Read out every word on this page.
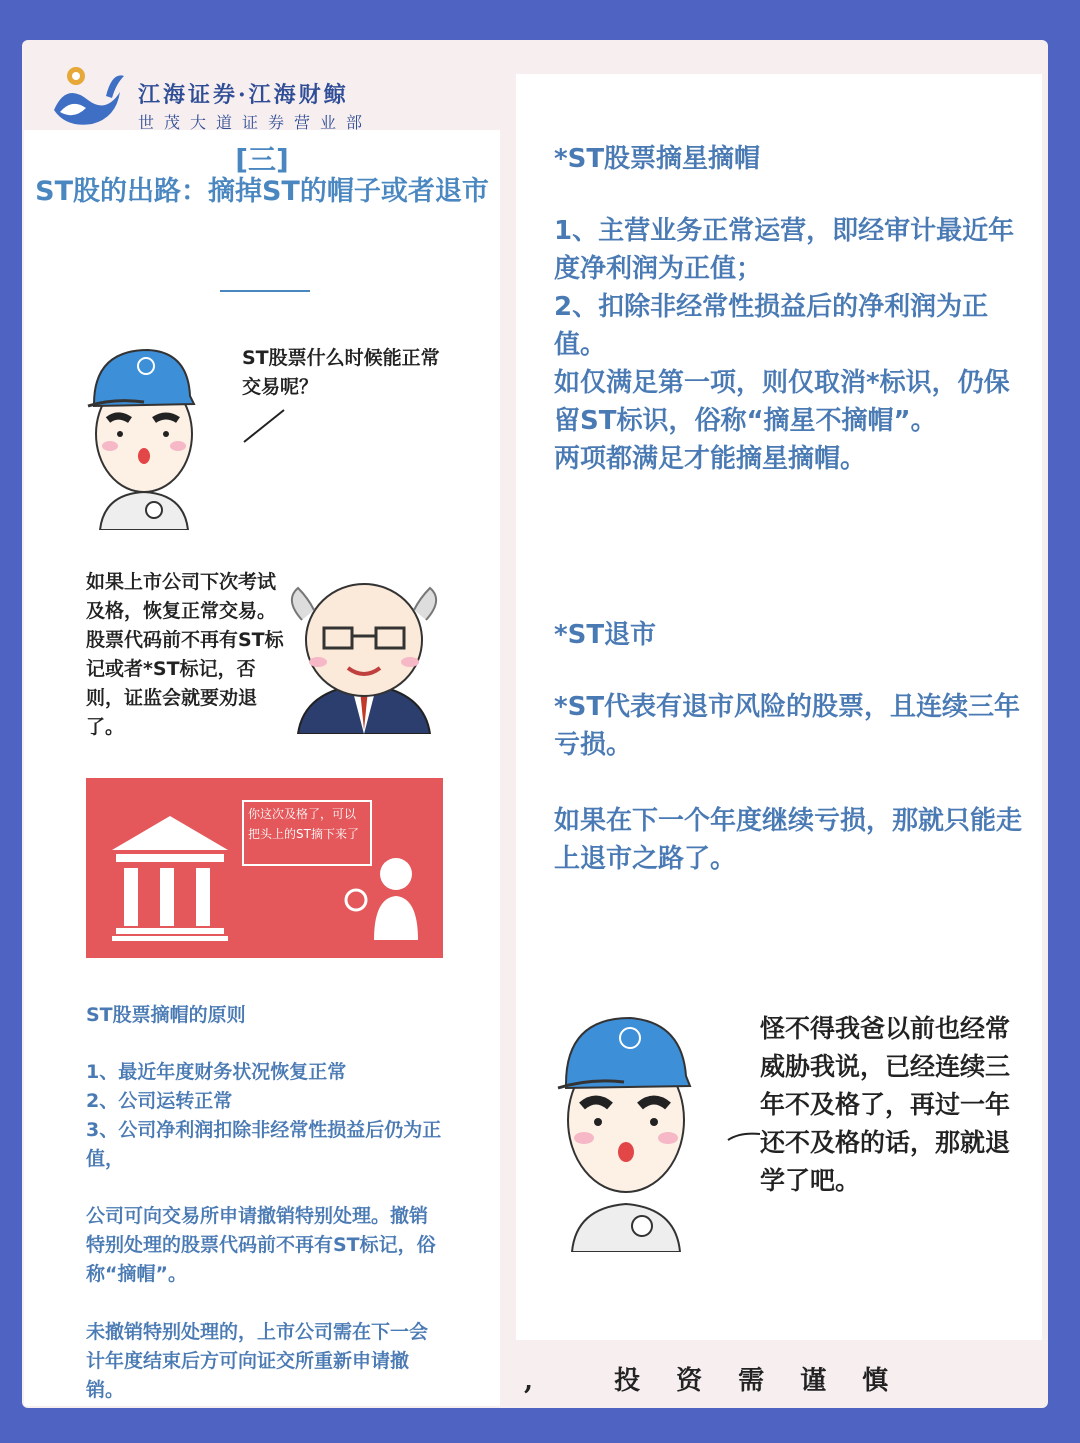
江海证券·江海财鲸
世茂大道证券营业部
[三]
ST股的出路：摘掉ST的帽子或者退市
ST股票什么时候能正常交易呢？
如果上市公司下次考试及格，恢复正常交易。股票代码前不再有ST标记或者*ST标记，否则，证监会就要劝退了。
你这次及格了，可以把头上的ST摘下来了
ST股票摘帽的原则
1、最近年度财务状况恢复正常
2、公司运转正常
3、公司净利润扣除非经常性损益后仍为正值，
公司可向交易所申请撤销特别处理。撤销特别处理的股票代码前不再有ST标记，俗称“摘帽”。
未撤销特别处理的，上市公司需在下一会计年度结束后方可向证交所重新申请撤销。
*ST股票摘星摘帽
1、主营业务正常运营，即经审计最近年度净利润为正值；
2、扣除非经常性损益后的净利润为正值。
如仅满足第一项，则仅取消*标识，仍保留ST标识，俗称“摘星不摘帽”。
两项都满足才能摘星摘帽。
*ST退市
*ST代表有退市风险的股票，且连续三年亏损。
如果在下一个年度继续亏损，那就只能走上退市之路了。
怪不得我爸以前也经常威胁我说，已经连续三年不及格了，再过一年还不及格的话，那就退学了吧。
, 投资需谨慎
